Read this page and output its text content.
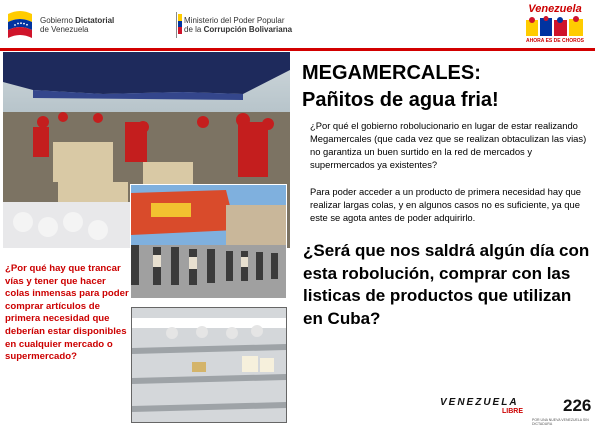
Gobierno Dictatorial
de Venezuela
Ministerio del Poder Popular
de la Corrupción Bolivariana
Venezuela
AHORA ES DE CHOROS
MEGAMERCALES:
Pañitos de agua fria!
¿Por qué el gobierno robolucionario en lugar de estar realizando Megamercales (que cada vez que se realizan obtaculizan las vias) no garantiza un buen surtido en la red de mercados y supermercados ya existentes?
Para poder acceder a un producto de primera necesidad hay que realizar largas colas, y en algunos casos no es suficiente, ya que este se agota antes de poder adquirirlo.
¿Será que nos saldrá algún día con esta robolución, comprar con las listicas de productos que utilizan en Cuba?
¿Por qué hay que trancar vías y tener que hacer colas inmensas para poder comprar artículos de primera necesidad que deberían estar disponibles en cualquier mercado o supermercado?
VENEZUELA
LIBRE 226
POR UNA NUEVA VENEZUELA SIN DICTADURA
